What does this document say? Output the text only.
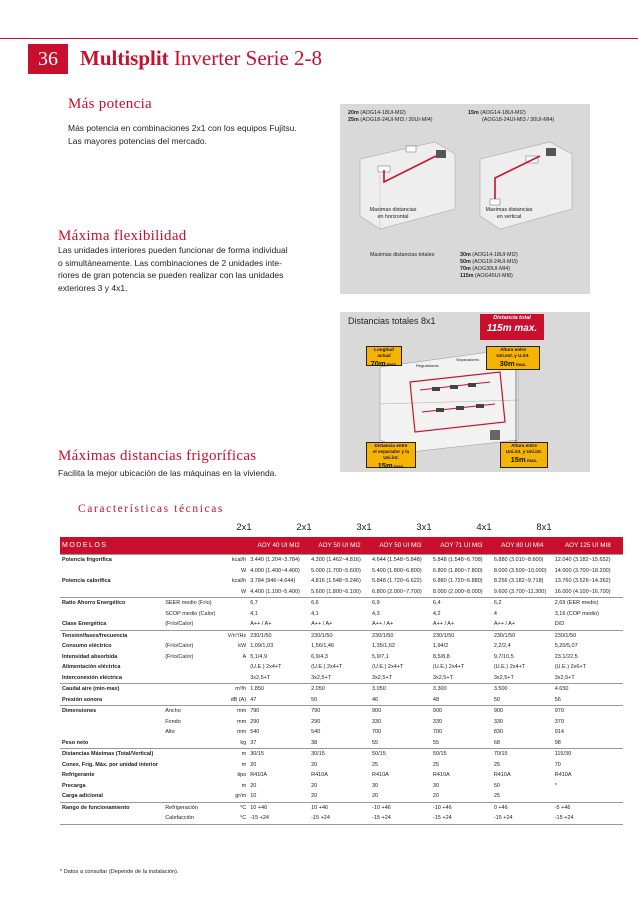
36	Multisplit Inverter Serie 2-8
Más potencia
Más potencia en combinaciones 2x1 con los equipos Fujitsu.
Las mayores potencias del mercado.
Máxima flexibilidad
Las unidades interiores pueden funcionar de forma individual
o simultáneamente. Las combinaciones de 2 unidades inte-
riores de gran potencia se pueden realizar con las unidades
exteriores 3 y 4x1.
Máximas distancias frigoríficas
Facilita la mejor ubicación de las máquinas en la vivienda.
20m (AOG14-18UI-MI2)
25m (AOG18-24UI-MI3 / 30UI-MI4)
15m (AOG14-18UI-MI2)
(AOG18-24UI-MI3 / 30UI-MI4)
Maximas distancias
en horizontal
Maximas distancias
en vertical
Maximas distancias totales	30m (AOG14-18UI-MI2)
50m (AOG18-24UI-MI3)
70m (AOG30UI-MI4)
115m (AOG45UI-MI8)
Distancias totales 8x1	Distancia total
115m max.
Longitud actual
70m max.
Altura entre
Uni.ext. y U.int.
30m max.
Separadores
Reguladores
Distancia entre
el separador y la Uni.int.
15m max.
Altura entre
Uni.int. y Uni.int.
15m max.
Características técnicas
2x1	2x1	3x1	3x1	4x1	8x1
MODELOS			AOY 40 UI MI2	AOY 50 UI MI2	AOY 50 UI MI3	AOY 71 UI MI3	AOY 80 UI MI4	AOY 125 UI MI8
Potencia frigorífica		kcal/h	3.440 (1.204~3.784)	4.300 (1.462~4.816)	4.644 (1.548~5.848)	5.848 (1.548~6.708)	6.880 (3.010~8.600)	12.040 (3.182~15.652)
		W	4.000 (1.400~4.400)	5.000 (1.700~5.600)	5.400 (1.800~6.800)	6.800 (1.800~7.800)	8.000 (3.500~10.000)	14.000 (3.700~18.200)
Potencia calorífica		kcal/h	3.784 (946~4.644)	4.816 (1.548~5.246)	5.848 (1.720~6.622)	6.880 (1.720~6.880)	8.256 (3.182~9.718)	13.760 (3.526~14.362)
		W	4.400 (1.100~5.400)	5.600 (1.800~6.100)	6.800 (2.000~7.700)	8.000 (2.000~8.000)	9.600 (3.700~11.300)	16.000 (4.100~16.700)
Ratio Ahorro Energético	SEER medio (Frío)		6,7	6,6	6,9	6,4	6,2	2,69 (EER medio)
	SCOP medio (Calor)		4,1	4,1	4,3	4,2	4	3,16 (COP medio)
Clase Energética	(Frío/Calor)		A++ / A+	A++ / A+	A++ / A+	A++ / A+	A++ / A+	D/D
Tensión/fases/frecuencia		V/n°/Hz	230/1/50	230/1/50	230/1/50	230/1/50	230/1/50	230/1/50
Consumo eléctrico	(Frío/Calor)	kW	1,09/1,03	1,56/1,46	1,35/1,62	1,94/2	2,2/2,4	5,20/5,07
Intensidad absorbida	(Frío/Calor)	A	5,1/4,9	6,9/4,3	5,9/7,1	8,5/8,8	9,7/10,5	23,1/22,5
Alimentación eléctrica			(U.E.) 2x4+T	(U.E.) 2x4+T	(U.E.) 2x4+T	(U.E.) 2x4+T	(U.E.) 2x4+T	(U.E.) 2x6+T
Interconexión eléctrica			3x2,5+T	3x2,5+T	3x2,5+T	3x2,5+T	3x2,5+T	3x2,5+T
Caudal aire (min-max)		m³/h	1.850	2.050	3.050	3.300	3.500	4.650
Presión sonora		dB (A)	47	50	46	48	50	56
Dimensiones	Ancho	mm	790	790	900	900	900	970
	Fondo	mm	290	290	330	330	330	370
	Alto	mm	540	540	700	700	830	914
Peso neto		kg	37	38	55	55	68	98
Distancias Máximas (Total/Vertical)		m	30/15	30/15	50/15	50/15	70/15	115/30
Conex. Frig. Máx. por unidad interior		m	20	20	25	25	25	70
Refrigerante		tipo	R410A	R410A	R410A	R410A	R410A	R410A
Precarga		m	20	20	30	30	50	*
Carga adicional		gr/m	10	20	20	20	25	
Rango de funcionamiento	Refrigeración	°C	10 +46	10 +46	-10 +46	-10 +46	0 +46	-5 +46
	Calefacción	°C	-15 +24	-15 +24	-15 +24	-15 +24	-15 +24	-15 +24
* Datos a consultar (Depende de la instalación).
